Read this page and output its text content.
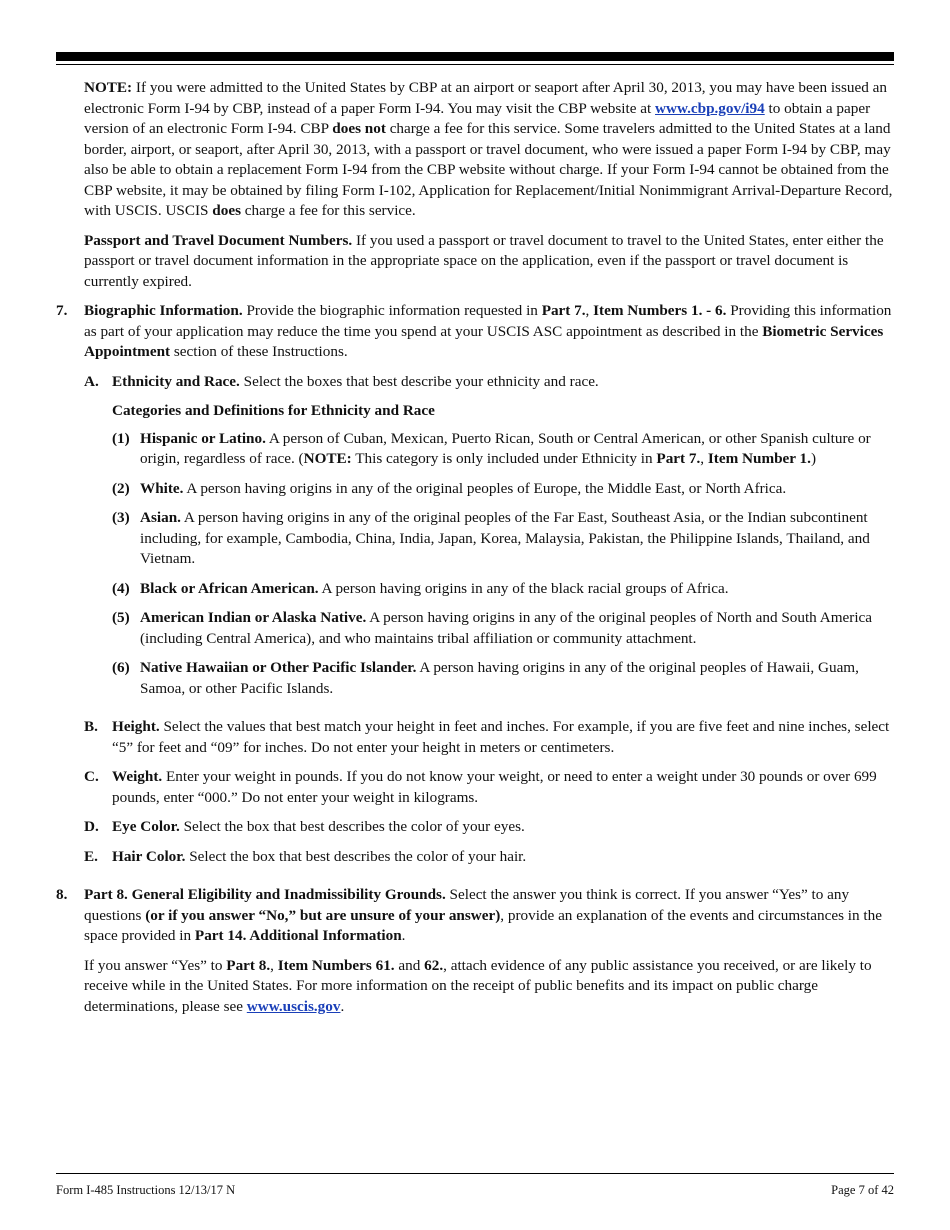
NOTE: If you were admitted to the United States by CBP at an airport or seaport after April 30, 2013, you may have been issued an electronic Form I-94 by CBP, instead of a paper Form I-94. You may visit the CBP website at www.cbp.gov/i94 to obtain a paper version of an electronic Form I-94. CBP does not charge a fee for this service. Some travelers admitted to the United States at a land border, airport, or seaport, after April 30, 2013, with a passport or travel document, who were issued a paper Form I-94 by CBP, may also be able to obtain a replacement Form I-94 from the CBP website without charge. If your Form I-94 cannot be obtained from the CBP website, it may be obtained by filing Form I-102, Application for Replacement/Initial Nonimmigrant Arrival-Departure Record, with USCIS. USCIS does charge a fee for this service.

Passport and Travel Document Numbers. If you used a passport or travel document to travel to the United States, enter either the passport or travel document information in the appropriate space on the application, even if the passport or travel document is currently expired.

7.	Biographic Information. Provide the biographic information requested in Part 7., Item Numbers 1. - 6. Providing this information as part of your application may reduce the time you spend at your USCIS ASC appointment as described in the Biometric Services Appointment section of these Instructions.

A. Ethnicity and Race. Select the boxes that best describe your ethnicity and race.

Categories and Definitions for Ethnicity and Race
(1) Hispanic or Latino. A person of Cuban, Mexican, Puerto Rican, South or Central American, or other Spanish culture or origin, regardless of race. (NOTE: This category is only included under Ethnicity in Part 7., Item Number 1.)
(2) White. A person having origins in any of the original peoples of Europe, the Middle East, or North Africa.
(3) Asian. A person having origins in any of the original peoples of the Far East, Southeast Asia, or the Indian subcontinent including, for example, Cambodia, China, India, Japan, Korea, Malaysia, Pakistan, the Philippine Islands, Thailand, and Vietnam.
(4) Black or African American. A person having origins in any of the black racial groups of Africa.
(5) American Indian or Alaska Native. A person having origins in any of the original peoples of North and South America (including Central America), and who maintains tribal affiliation or community attachment.
(6) Native Hawaiian or Other Pacific Islander. A person having origins in any of the original peoples of Hawaii, Guam, Samoa, or other Pacific Islands.
B. Height. Select the values that best match your height in feet and inches. For example, if you are five feet and nine inches, select “5” for feet and “09” for inches. Do not enter your height in meters or centimeters.
C. Weight. Enter your weight in pounds. If you do not know your weight, or need to enter a weight under 30 pounds or over 699 pounds, enter “000.” Do not enter your weight in kilograms.
D. Eye Color. Select the box that best describes the color of your eyes.
E. Hair Color. Select the box that best describes the color of your hair.
8.	Part 8. General Eligibility and Inadmissibility Grounds. Select the answer you think is correct. If you answer “Yes” to any questions (or if you answer “No,” but are unsure of your answer), provide an explanation of the events and circumstances in the space provided in Part 14. Additional Information.

If you answer “Yes” to Part 8., Item Numbers 61. and 62., attach evidence of any public assistance you received, or are likely to receive while in the United States. For more information on the receipt of public benefits and its impact on public charge determinations, please see www.uscis.gov.

Form I-485 Instructions 12/13/17 N	Page 7 of 42
